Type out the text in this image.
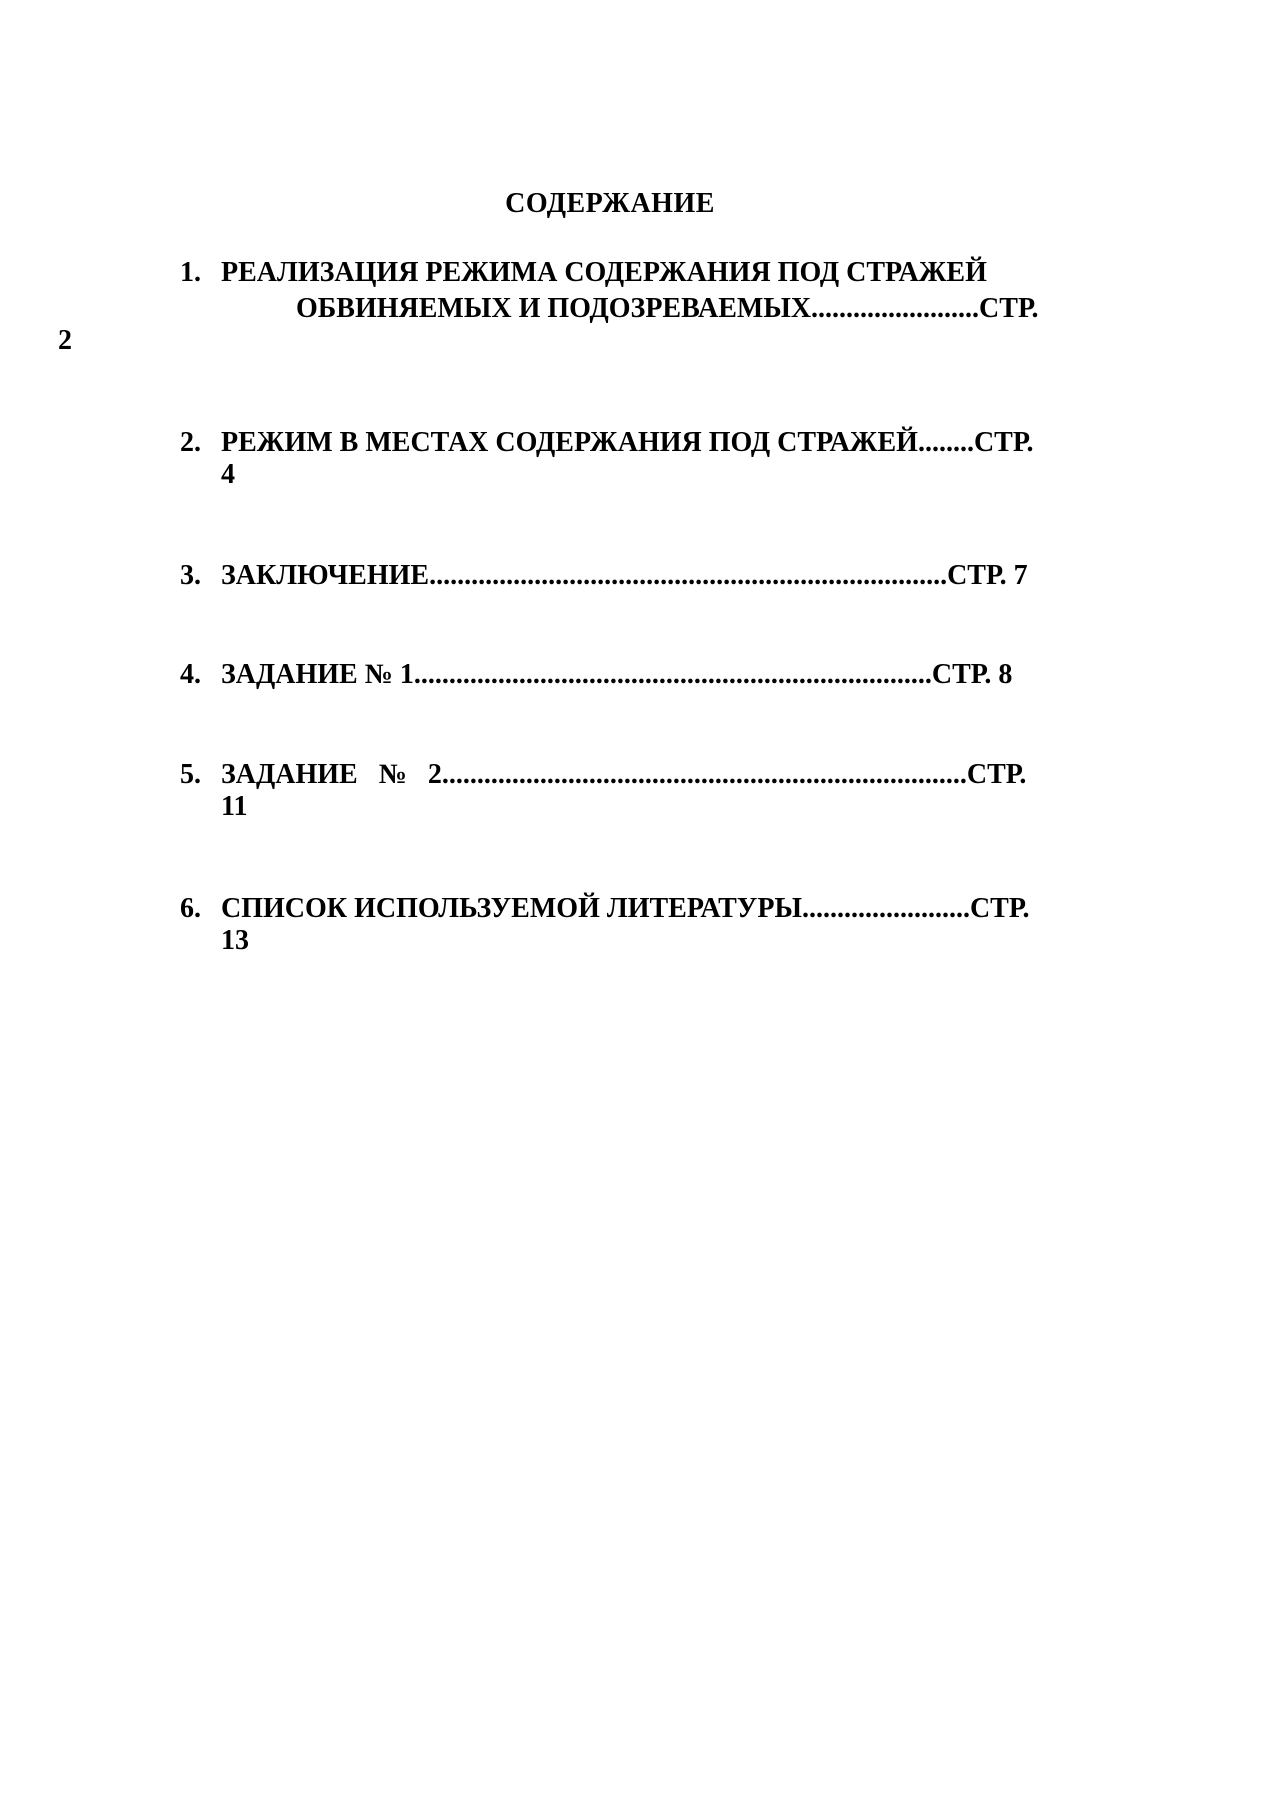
СОДЕРЖАНИЕ
1. РЕАЛИЗАЦИЯ РЕЖИМА СОДЕРЖАНИЯ ПОД СТРАЖЕЙ
ОБВИНЯЕМЫХ И ПОДОЗРЕВАЕМЫХ........................СТР.
2
2. РЕЖИМ В МЕСТАХ СОДЕРЖАНИЯ ПОД СТРАЖЕЙ........СТР.
4
3. ЗАКЛЮЧЕНИЕ..........................................................................СТР. 7
4. ЗАДАНИЕ № 1..........................................................................СТР. 8
5. ЗАДАНИЕ   №   2...........................................................................СТР.
11
6. СПИСОК ИСПОЛЬЗУЕМОЙ ЛИТЕРАТУРЫ........................СТР.
13
